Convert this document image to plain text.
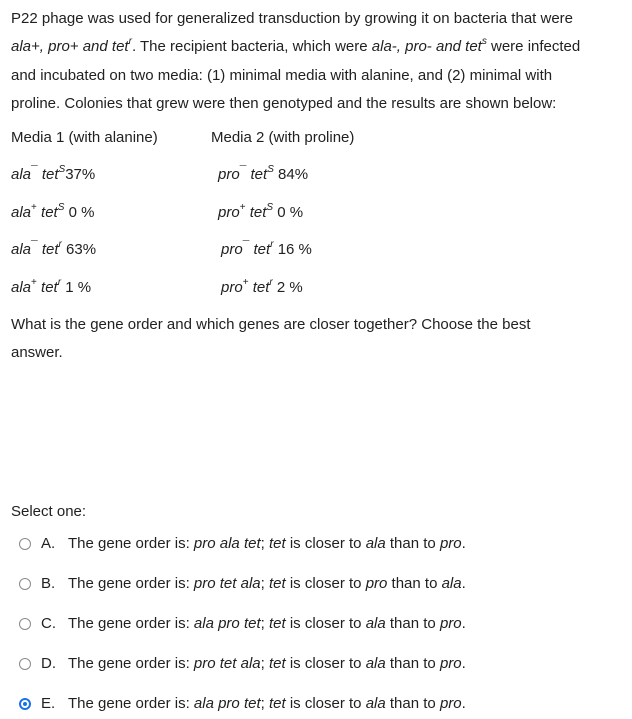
P22 phage was used for generalized transduction by growing it on bacteria that were
ala+, pro+ and tet$^r$. The recipient bacteria, which were ala-, pro- and tet$^s$ were infected
and incubated on two media: (1) minimal media with alanine, and (2) minimal with
proline. Colonies that grew were then genotyped and the results are shown below:
Media 1 (with alanine)	Media 2 (with proline)
ala¯ tet$^S$37%
ala+ tet$^S$ 0 %
ala¯ tet$^r$ 63%
ala+ tet$^r$ 1 %
pro¯ tet$^S$ 84%
pro+ tet$^S$ 0 %
pro¯ tet$^r$ 16 %
pro+ tet$^r$ 2 %
What is the gene order and which genes are closer together? Choose the best
answer.
Select one:
A. The gene order is: pro ala tet; tet is closer to ala than to pro.
B. The gene order is: pro tet ala; tet is closer to pro than to ala.
C. The gene order is: ala pro tet; tet is closer to ala than to pro.
D. The gene order is: pro tet ala; tet is closer to ala than to pro.
E. The gene order is: ala pro tet; tet is closer to ala than to pro.
